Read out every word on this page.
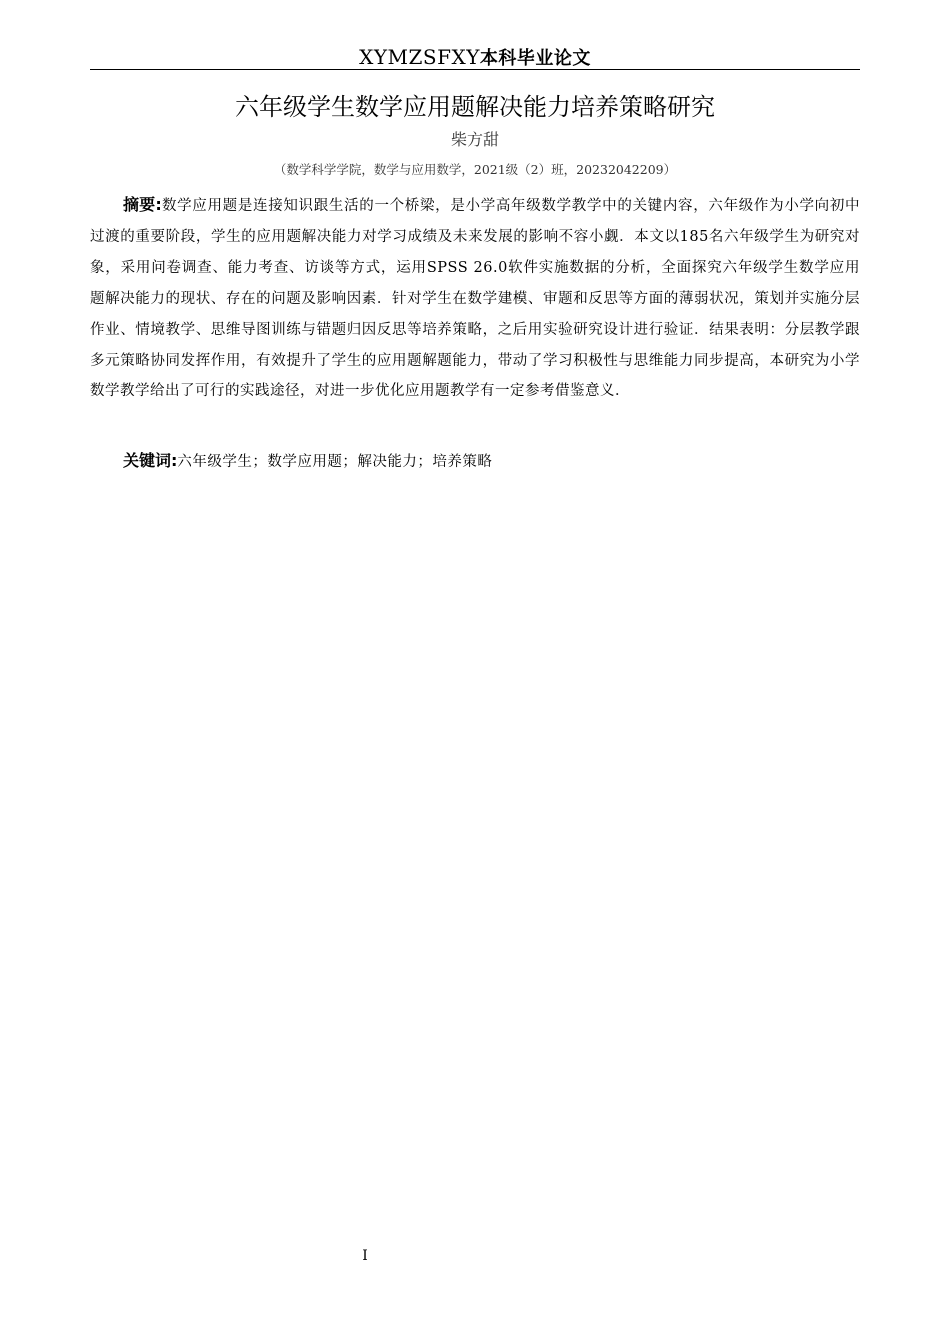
XYMZSFXY本科毕业论文
六年级学生数学应用题解决能力培养策略研究
柴方甜
（数学科学学院，数学与应用数学，2021级（2）班，20232042209）

摘要:数学应用题是连接知识跟生活的一个桥梁，是小学高年级数学教学中的关键内容，六年级作为小学向初中过渡的重要阶段，学生的应用题解决能力对学习成绩及未来发展的影响不容小觑．本文以185名六年级学生为研究对象，采用问卷调查、能力考查、访谈等方式，运用SPSS 26.0软件实施数据的分析，全面探究六年级学生数学应用题解决能力的现状、存在的问题及影响因素．针对学生在数学建模、审题和反思等方面的薄弱状况，策划并实施分层作业、情境教学、思维导图训练与错题归因反思等培养策略，之后用实验研究设计进行验证．结果表明：分层教学跟多元策略协同发挥作用，有效提升了学生的应用题解题能力，带动了学习积极性与思维能力同步提高，本研究为小学数学教学给出了可行的实践途径，对进一步优化应用题教学有一定参考借鉴意义．

关键词:六年级学生；数学应用题；解决能力；培养策略

I
